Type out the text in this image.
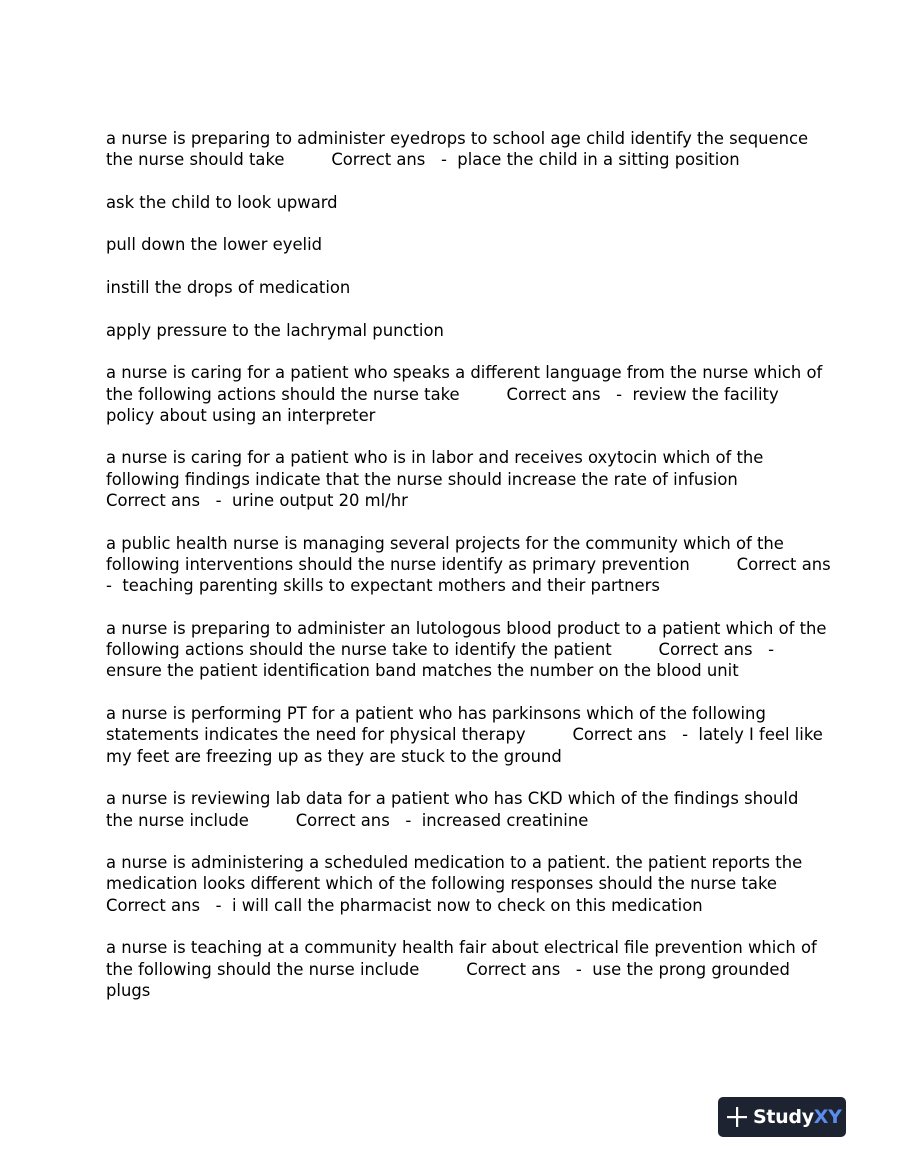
a nurse is preparing to administer eyedrops to school age child identify the sequence
the nurse should take         Correct ans   -  place the child in a sitting position
ask the child to look upward
pull down the lower eyelid
instill the drops of medication
apply pressure to the lachrymal punction
a nurse is caring for a patient who speaks a different language from the nurse which of
the following actions should the nurse take         Correct ans   -  review the facility
policy about using an interpreter
a nurse is caring for a patient who is in labor and receives oxytocin which of the
following findings indicate that the nurse should increase the rate of infusion
Correct ans   -  urine output 20 ml/hr
a public health nurse is managing several projects for the community which of the
following interventions should the nurse identify as primary prevention         Correct ans
-  teaching parenting skills to expectant mothers and their partners
a nurse is preparing to administer an lutologous blood product to a patient which of the
following actions should the nurse take to identify the patient         Correct ans   -
ensure the patient identification band matches the number on the blood unit
a nurse is performing PT for a patient who has parkinsons which of the following
statements indicates the need for physical therapy         Correct ans   -  lately I feel like
my feet are freezing up as they are stuck to the ground
a nurse is reviewing lab data for a patient who has CKD which of the findings should
the nurse include         Correct ans   -  increased creatinine
a nurse is administering a scheduled medication to a patient. the patient reports the
medication looks different which of the following responses should the nurse take
Correct ans   -  i will call the pharmacist now to check on this medication
a nurse is teaching at a community health fair about electrical file prevention which of
the following should the nurse include         Correct ans   -  use the prong grounded
plugs
StudyXY
